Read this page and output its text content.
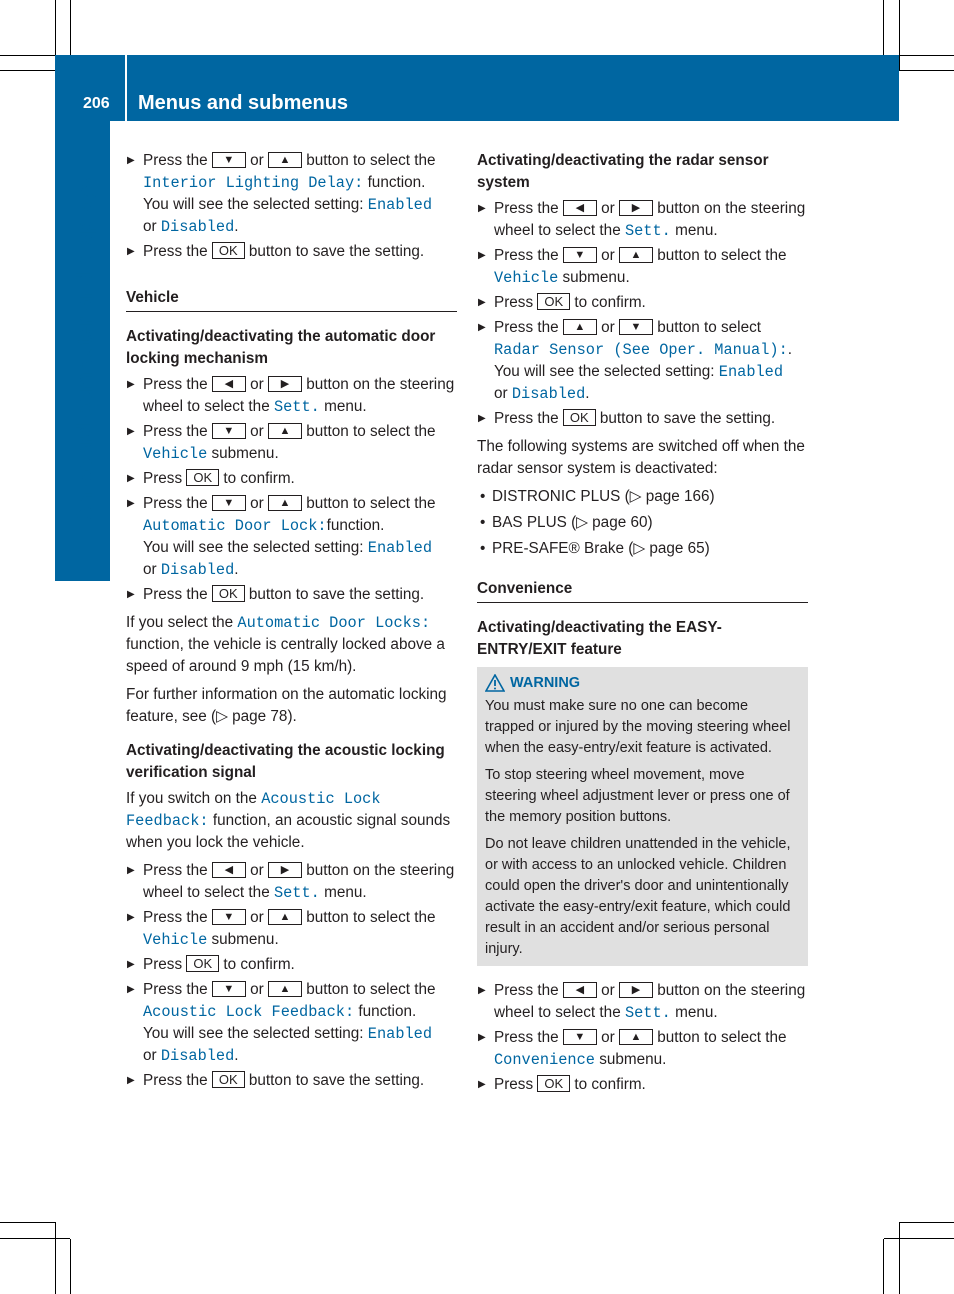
206 Menus and submenus
On-board computer and displays
▶ Press the ▼ or ▲ button to select the Interior Lighting Delay: function.
You will see the selected setting: Enabled
or Disabled.
▶ Press the OK button to save the setting.
Vehicle
Activating/deactivating the automatic door locking mechanism
▶ Press the ◀ or ▶ button on the steering wheel to select the Sett. menu.
▶ Press the ▼ or ▲ button to select the Vehicle submenu.
▶ Press OK to confirm.
▶ Press the ▼ or ▲ button to select the Automatic Door Lock:function.
You will see the selected setting: Enabled
or Disabled.
▶ Press the OK button to save the setting.

If you select the Automatic Door Locks: function, the vehicle is centrally locked above a speed of around 9 mph (15 km/h).

For further information on the automatic locking feature, see (▷ page 78).

Activating/deactivating the acoustic locking verification signal

If you switch on the Acoustic Lock Feedback: function, an acoustic signal sounds when you lock the vehicle.

▶ Press the ◀ or ▶ button on the steering wheel to select the Sett. menu.
▶ Press the ▼ or ▲ button to select the Vehicle submenu.
▶ Press OK to confirm.
▶ Press the ▼ or ▲ button to select the Acoustic Lock Feedback: function.
You will see the selected setting: Enabled
or Disabled.
▶ Press the OK button to save the setting.
Activating/deactivating the radar sensor system
▶ Press the ◀ or ▶ button on the steering wheel to select the Sett. menu.
▶ Press the ▼ or ▲ button to select the Vehicle submenu.
▶ Press OK to confirm.
▶ Press the ▲ or ▼ button to select
Radar Sensor (See Oper. Manual):.
You will see the selected setting: Enabled
or Disabled.
▶ Press the OK button to save the setting.

The following systems are switched off when the radar sensor system is deactivated:

• DISTRONIC PLUS (▷ page 166)
• BAS PLUS (▷ page 60)
• PRE-SAFE® Brake (▷ page 65)
Convenience
Activating/deactivating the EASY-ENTRY/EXIT feature
WARNING

You must make sure no one can become trapped or injured by the moving steering wheel when the easy-entry/exit feature is activated.

To stop steering wheel movement, move steering wheel adjustment lever or press one of the memory position buttons.

Do not leave children unattended in the vehicle, or with access to an unlocked vehicle. Children could open the driver's door and unintentionally activate the easy-entry/exit feature, which could result in an accident and/or serious personal injury.

▶ Press the ◀ or ▶ button on the steering wheel to select the Sett. menu.
▶ Press the ▼ or ▲ button to select the Convenience submenu.
▶ Press OK to confirm.
